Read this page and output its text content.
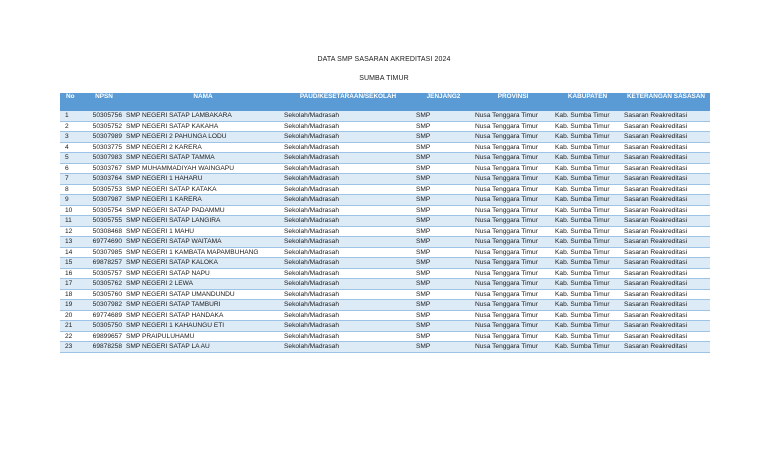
DATA SMP SASARAN AKREDITASI 2024
SUMBA TIMUR
No	NPSN	NAMA	PAUD/KESETARAAN/SEKOLAH	JENJANG2	PROVINSI	KABUPATEN	KETERANGAN SASASAN
1	50305756	SMP NEGERI SATAP LAMBAKARA	Sekolah/Madrasah	SMP	Nusa Tenggara Timur	Kab. Sumba Timur	Sasaran Reakreditasi
2	50305752	SMP NEGERI SATAP KAKAHA	Sekolah/Madrasah	SMP	Nusa Tenggara Timur	Kab. Sumba Timur	Sasaran Reakreditasi
3	50307989	SMP NEGERI 2 PAHUNGA LODU	Sekolah/Madrasah	SMP	Nusa Tenggara Timur	Kab. Sumba Timur	Sasaran Reakreditasi
4	50303775	SMP NEGERI 2 KARERA	Sekolah/Madrasah	SMP	Nusa Tenggara Timur	Kab. Sumba Timur	Sasaran Reakreditasi
5	50307983	SMP NEGERI SATAP TAMMA	Sekolah/Madrasah	SMP	Nusa Tenggara Timur	Kab. Sumba Timur	Sasaran Reakreditasi
6	50303767	SMP MUHAMMADIYAH WAINGAPU	Sekolah/Madrasah	SMP	Nusa Tenggara Timur	Kab. Sumba Timur	Sasaran Reakreditasi
7	50303764	SMP NEGERI 1 HAHARU	Sekolah/Madrasah	SMP	Nusa Tenggara Timur	Kab. Sumba Timur	Sasaran Reakreditasi
8	50305753	SMP NEGERI SATAP KATAKA	Sekolah/Madrasah	SMP	Nusa Tenggara Timur	Kab. Sumba Timur	Sasaran Reakreditasi
9	50307987	SMP NEGERI 1 KARERA	Sekolah/Madrasah	SMP	Nusa Tenggara Timur	Kab. Sumba Timur	Sasaran Reakreditasi
10	50305754	SMP NEGERI SATAP PADAMMU	Sekolah/Madrasah	SMP	Nusa Tenggara Timur	Kab. Sumba Timur	Sasaran Reakreditasi
11	50305755	SMP NEGERI SATAP LANGIRA	Sekolah/Madrasah	SMP	Nusa Tenggara Timur	Kab. Sumba Timur	Sasaran Reakreditasi
12	50308468	SMP NEGERI 1 MAHU	Sekolah/Madrasah	SMP	Nusa Tenggara Timur	Kab. Sumba Timur	Sasaran Reakreditasi
13	69774690	SMP NEGERI SATAP WAITAMA	Sekolah/Madrasah	SMP	Nusa Tenggara Timur	Kab. Sumba Timur	Sasaran Reakreditasi
14	50307985	SMP NEGERI 1 KAMBATA MAPAMBUHANG	Sekolah/Madrasah	SMP	Nusa Tenggara Timur	Kab. Sumba Timur	Sasaran Reakreditasi
15	69878257	SMP NEGERI SATAP KALOKA	Sekolah/Madrasah	SMP	Nusa Tenggara Timur	Kab. Sumba Timur	Sasaran Reakreditasi
16	50305757	SMP NEGERI SATAP NAPU	Sekolah/Madrasah	SMP	Nusa Tenggara Timur	Kab. Sumba Timur	Sasaran Reakreditasi
17	50305762	SMP NEGERI 2 LEWA	Sekolah/Madrasah	SMP	Nusa Tenggara Timur	Kab. Sumba Timur	Sasaran Reakreditasi
18	50305760	SMP NEGERI SATAP UMANDUNDU	Sekolah/Madrasah	SMP	Nusa Tenggara Timur	Kab. Sumba Timur	Sasaran Reakreditasi
19	50307982	SMP NEGERI SATAP TAMBURI	Sekolah/Madrasah	SMP	Nusa Tenggara Timur	Kab. Sumba Timur	Sasaran Reakreditasi
20	69774689	SMP NEGERI SATAP HANDAKA	Sekolah/Madrasah	SMP	Nusa Tenggara Timur	Kab. Sumba Timur	Sasaran Reakreditasi
21	50305750	SMP NEGERI 1 KAHAUNGU ETI	Sekolah/Madrasah	SMP	Nusa Tenggara Timur	Kab. Sumba Timur	Sasaran Reakreditasi
22	69899657	SMP PRAIPULUHAMU	Sekolah/Madrasah	SMP	Nusa Tenggara Timur	Kab. Sumba Timur	Sasaran Reakreditasi
23	69878258	SMP NEGERI SATAP LA AU	Sekolah/Madrasah	SMP	Nusa Tenggara Timur	Kab. Sumba Timur	Sasaran Reakreditasi
